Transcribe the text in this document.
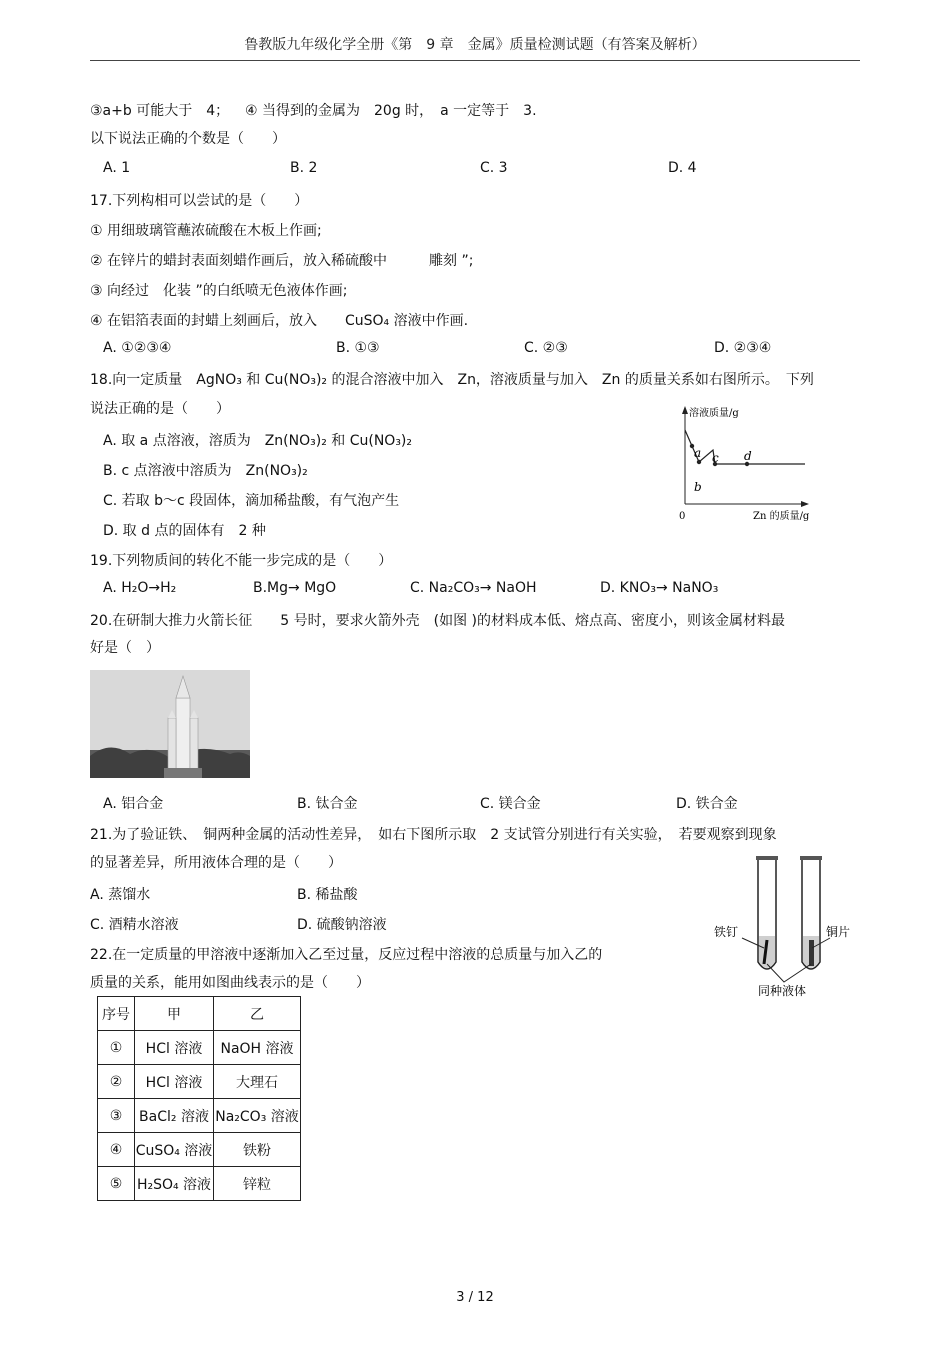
鲁教版九年级化学全册《第　9 章　金属》质量检测试题（有答案及解析）
③a+b 可能大于　4； ④ 当得到的金属为　20g 时，　a 一定等于　3.
以下说法正确的个数是（　　）
A. 1	B. 2	C. 3	D. 4
17.下列构相可以尝试的是（　　）
① 用细玻璃管蘸浓硫酸在木板上作画;
② 在锌片的蜡封表面刻蜡作画后，放入稀硫酸中　　　雕刻 ”;
③ 向经过　化装 ”的白纸喷无色液体作画;
④ 在铝箔表面的封蜡上刻画后，放入　　CuSO₄ 溶液中作画.
A. ①②③④	B. ①③	C. ②③	D. ②③④
18.向一定质量　AgNO₃ 和 Cu(NO₃)₂ 的混合溶液中加入　Zn，溶液质量与加入　Zn 的质量关系如右图所示。　下列
说法正确的是（　　）
A. 取 a 点溶液，溶质为　Zn(NO₃)₂ 和 Cu(NO₃)₂
B. c 点溶液中溶质为　Zn(NO₃)₂
C. 若取 b～c 段固体，滴加稀盐酸，有气泡产生
D. 取 d 点的固体有　2 种
溶液质量/g
a
b
c d
0	Zn 的质量/g
19.下列物质间的转化不能一步完成的是（　　）
A. H₂O→H₂	B.Mg→ MgO	C. Na₂CO₃→ NaOH	D. KNO₃→ NaNO₃
20.在研制大推力火箭长征　　5 号时，要求火箭外壳　(如图 )的材料成本低、熔点高、密度小，则该金属材料最
好是（　）
A. 铝合金	B. 钛合金	C. 镁合金	D. 铁合金
21.为了验证铁、　铜两种金属的活动性差异，　如右下图所示取　2 支试管分别进行有关实验，　若要观察到现象
的显著差异，所用液体合理的是（　　）
A. 蒸馏水	B. 稀盐酸
C. 酒精水溶液	D. 硫酸钠溶液	铁钉	铜片
同种液体
22.在一定质量的甲溶液中逐渐加入乙至过量，反应过程中溶液的总质量与加入乙的
质量的关系，能用如图曲线表示的是（　　）
序号	甲	乙
①	HCl 溶液	NaOH 溶液
②	HCl 溶液	大理石
③	BaCl₂ 溶液	Na₂CO₃ 溶液
④	CuSO₄ 溶液	铁粉
⑤	H₂SO₄ 溶液	锌粒
3 / 12
